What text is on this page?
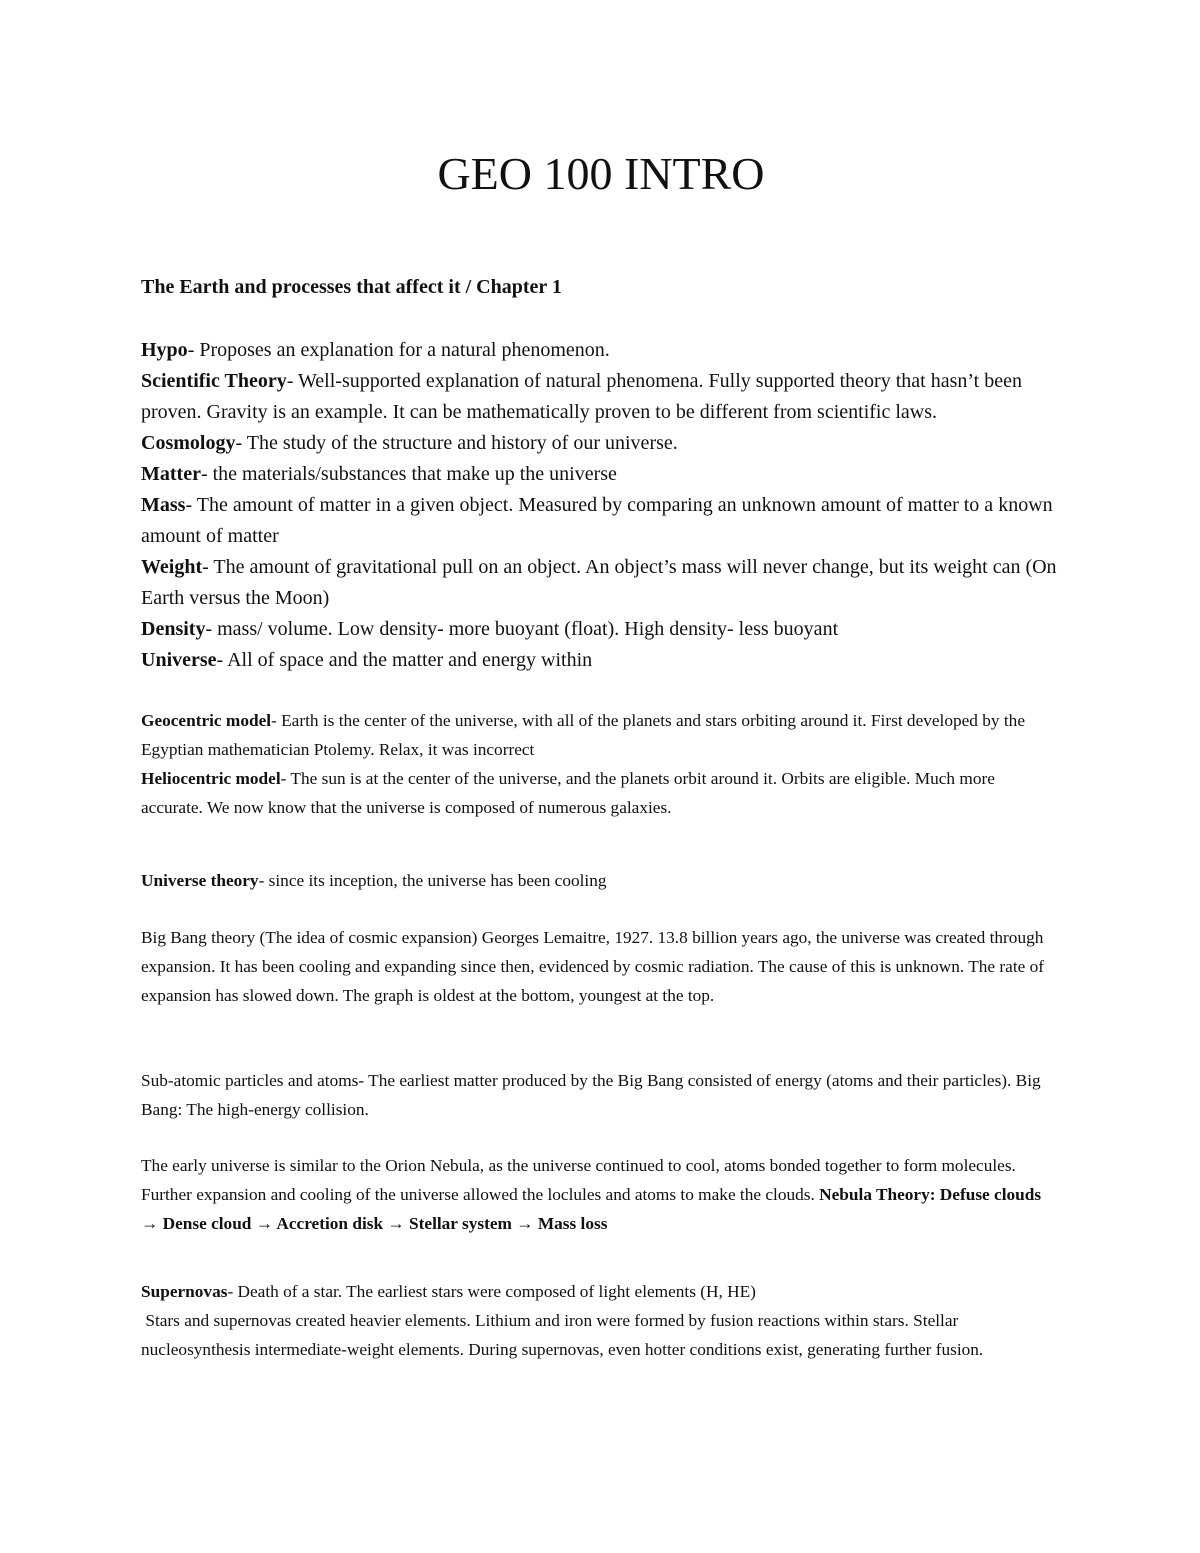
GEO 100 INTRO

The Earth and processes that affect it / Chapter 1

Hypo- Proposes an explanation for a natural phenomenon.

Scientific Theory- Well-supported explanation of natural phenomena. Fully supported theory that hasn’t been proven. Gravity is an example. It can be mathematically proven to be different from scientific laws.

Cosmology- The study of the structure and history of our universe.

Matter- the materials/substances that make up the universe

Mass- The amount of matter in a given object. Measured by comparing an unknown amount of matter to a known amount of matter

Weight- The amount of gravitational pull on an object. An object’s mass will never change, but its weight can (On Earth versus the Moon)

Density- mass/ volume. Low density- more buoyant (float). High density- less buoyant

Universe- All of space and the matter and energy within

Geocentric model- Earth is the center of the universe, with all of the planets and stars orbiting around it. First developed by the Egyptian mathematician Ptolemy. Relax, it was incorrect

Heliocentric model- The sun is at the center of the universe, and the planets orbit around it. Orbits are eligible. Much more accurate. We now know that the universe is composed of numerous galaxies.

Universe theory- since its inception, the universe has been cooling

Big Bang theory (The idea of cosmic expansion) Georges Lemaitre, 1927. 13.8 billion years ago, the universe was created through expansion. It has been cooling and expanding since then, evidenced by cosmic radiation. The cause of this is unknown. The rate of expansion has slowed down. The graph is oldest at the bottom, youngest at the top.

Sub-atomic particles and atoms- The earliest matter produced by the Big Bang consisted of energy (atoms and their particles). Big Bang: The high-energy collision.

The early universe is similar to the Orion Nebula, as the universe continued to cool, atoms bonded together to form molecules. Further expansion and cooling of the universe allowed the loclules and atoms to make the clouds. Nebula Theory: Defuse clouds → Dense cloud → Accretion disk → Stellar system → Mass loss

Supernovas- Death of a star. The earliest stars were composed of light elements (H, HE)

Stars and supernovas created heavier elements. Lithium and iron were formed by fusion reactions within stars. Stellar nucleosynthesis intermediate-weight elements. During supernovas, even hotter conditions exist, generating further fusion.
